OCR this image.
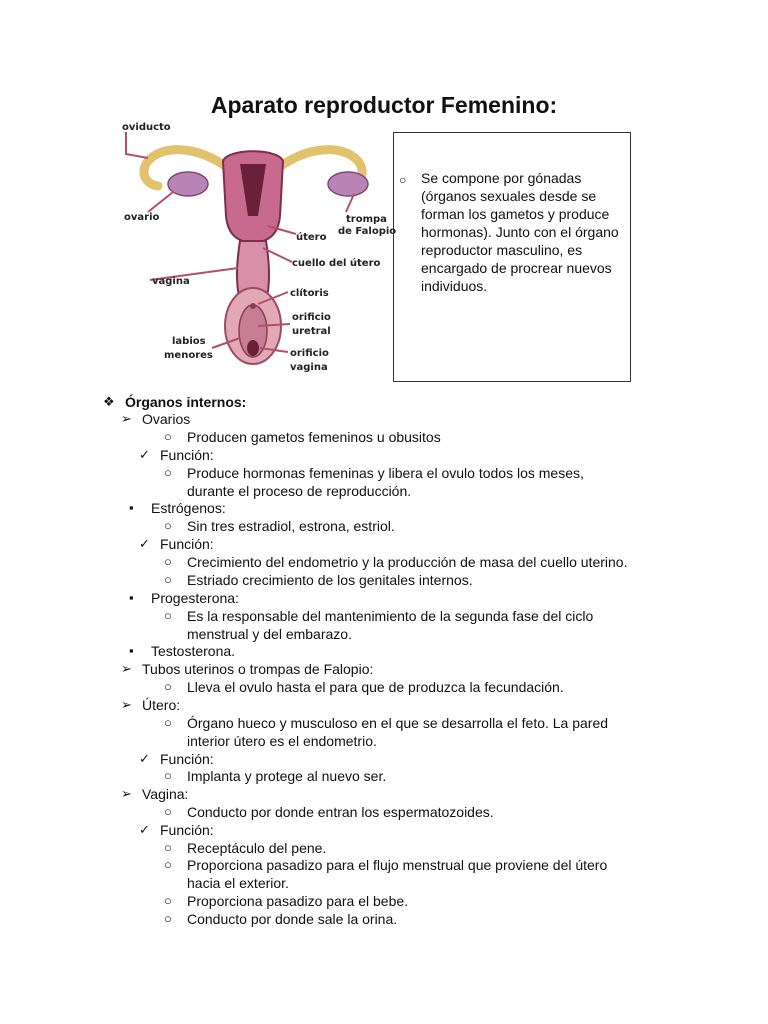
Aparato reproductor Femenino:
oviducto
ovario	trompa
de Falopio
útero
cuello del útero
vagina
clítoris
orificio
uretral
labios
menores	orificio
vagina
○ Se compone por gónadas (órganos sexuales desde se forman los gametos y produce hormonas). Junto con el órgano reproductor masculino, es encargado de procrear nuevos individuos.
❖ Órganos internos:
➢ Ovarios
○ Producen gametos femeninos u obusitos
✓ Función:
○ Produce hormonas femeninas y libera el ovulo todos los meses,
durante el proceso de reproducción.
▪ Estrógenos:
○ Sin tres estradiol, estrona, estriol.
✓ Función:
○ Crecimiento del endometrio y la producción de masa del cuello uterino.
○ Estriado crecimiento de los genitales internos.
▪ Progesterona:
○ Es la responsable del mantenimiento de la segunda fase del ciclo
menstrual y del embarazo.
▪ Testosterona.
➢ Tubos uterinos o trompas de Falopio:
○ Lleva el ovulo hasta el para que de produzca la fecundación.
➢ Útero:
○ Órgano hueco y musculoso en el que se desarrolla el feto. La pared
interior útero es el endometrio.
✓ Función:
○ Implanta y protege al nuevo ser.
➢ Vagina:
○ Conducto por donde entran los espermatozoides.
✓ Función:
○ Receptáculo del pene.
○ Proporciona pasadizo para el flujo menstrual que proviene del útero
hacia el exterior.
○ Proporciona pasadizo para el bebe.
○ Conducto por donde sale la orina.
